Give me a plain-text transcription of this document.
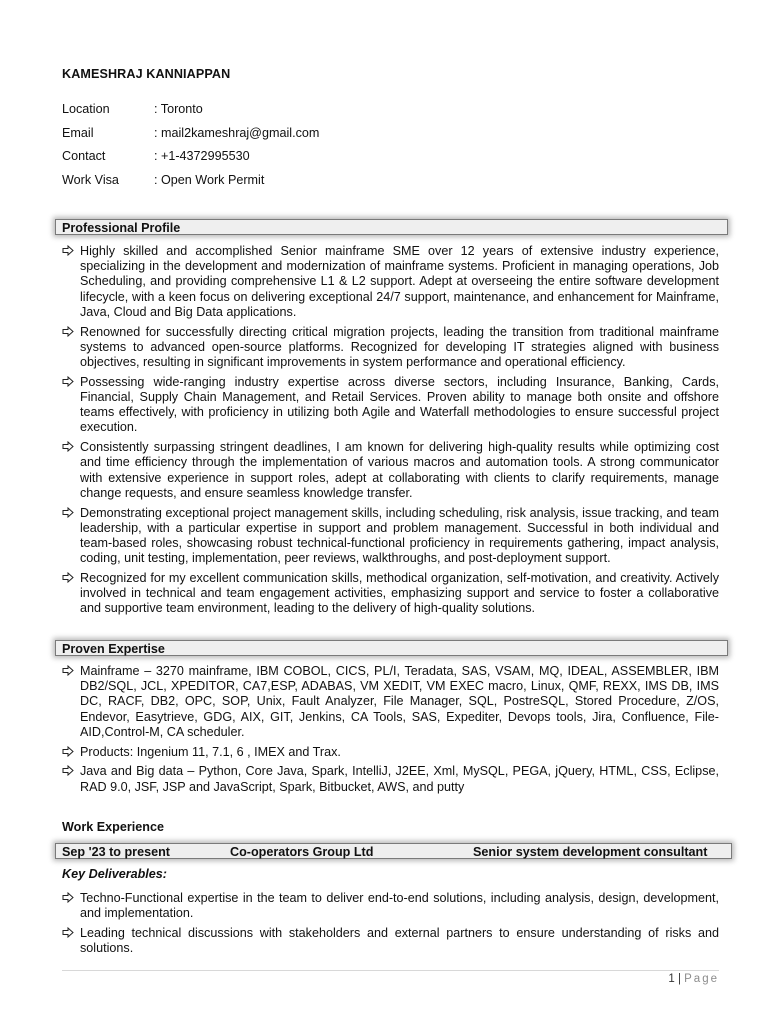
KAMESHRAJ KANNIAPPAN
Location	: Toronto
Email	: mail2kameshraj@gmail.com
Contact	: +1-4372995530
Work Visa	: Open Work Permit
Professional Profile
Highly skilled and accomplished Senior mainframe SME over 12 years of extensive industry experience, specializing in the development and modernization of mainframe systems. Proficient in managing operations, Job Scheduling, and providing comprehensive L1 & L2 support. Adept at overseeing the entire software development lifecycle, with a keen focus on delivering exceptional 24/7 support, maintenance, and enhancement for Mainframe, Java, Cloud and Big Data applications.
Renowned for successfully directing critical migration projects, leading the transition from traditional mainframe systems to advanced open-source platforms. Recognized for developing IT strategies aligned with business objectives, resulting in significant improvements in system performance and operational efficiency.
Possessing wide-ranging industry expertise across diverse sectors, including Insurance, Banking, Cards, Financial, Supply Chain Management, and Retail Services. Proven ability to manage both onsite and offshore teams effectively, with proficiency in utilizing both Agile and Waterfall methodologies to ensure successful project execution.
Consistently surpassing stringent deadlines, I am known for delivering high-quality results while optimizing cost and time efficiency through the implementation of various macros and automation tools. A strong communicator with extensive experience in support roles, adept at collaborating with clients to clarify requirements, manage change requests, and ensure seamless knowledge transfer.
Demonstrating exceptional project management skills, including scheduling, risk analysis, issue tracking, and team leadership, with a particular expertise in support and problem management. Successful in both individual and team-based roles, showcasing robust technical-functional proficiency in requirements gathering, impact analysis, coding, unit testing, implementation, peer reviews, walkthroughs, and post-deployment support.
Recognized for my excellent communication skills, methodical organization, self-motivation, and creativity. Actively involved in technical and team engagement activities, emphasizing support and service to foster a collaborative and supportive team environment, leading to the delivery of high-quality solutions.
Proven Expertise
Mainframe – 3270 mainframe, IBM COBOL, CICS, PL/I, Teradata, SAS, VSAM, MQ, IDEAL, ASSEMBLER, IBM DB2/SQL, JCL, XPEDITOR, CA7,ESP, ADABAS, VM XEDIT, VM EXEC macro, Linux, QMF, REXX, IMS DB, IMS DC, RACF, DB2, OPC, SOP, Unix, Fault Analyzer, File Manager, SQL, PostreSQL, Stored Procedure, Z/OS, Endevor, Easytrieve, GDG, AIX, GIT, Jenkins, CA Tools, SAS, Expediter, Devops tools, Jira, Confluence, File-AID,Control-M, CA scheduler.
Products: Ingenium 11, 7.1, 6 , IMEX and Trax.
Java and Big data – Python, Core Java, Spark, IntelliJ, J2EE, Xml, MySQL, PEGA, jQuery, HTML, CSS, Eclipse, RAD 9.0, JSF, JSP and JavaScript, Spark, Bitbucket, AWS, and putty
Work Experience
Sep '23 to present	Co-operators Group Ltd	Senior system development consultant
Key Deliverables:
Techno-Functional expertise in the team to deliver end-to-end solutions, including analysis, design, development, and implementation.
Leading technical discussions with stakeholders and external partners to ensure understanding of risks and solutions.
1 | Page
